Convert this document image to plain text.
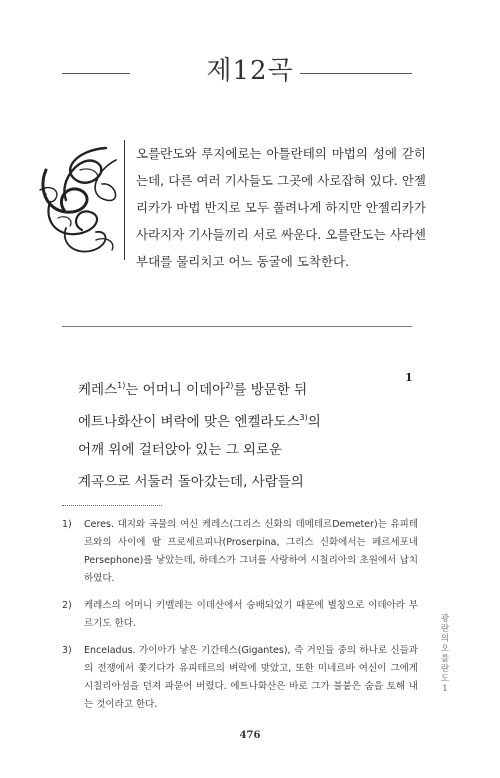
제12곡
오를란도와 루지에로는 아틀란테의 마법의 성에 갇히는데, 다른 여러 기사들도 그곳에 사로잡혀 있다. 안젤리카가 마법 반지로 모두 풀려나게 하지만 안젤리카가 사라지자 기사들끼리 서로 싸운다. 오를란도는 사라센 부대를 물리치고 어느 동굴에 도착한다.
1
케레스$^{1)}$는 어머니 이데아$^{2)}$를 방문한 뒤
에트나화산이 벼락에 맞은 엔켈라도스$^{3)}$의
어깨 위에 걸터앉아 있는 그 외로운
계곡으로 서둘러 돌아갔는데, 사람들의
1) Ceres. 대지와 곡물의 여신 케레스(그리스 신화의 데메테르Demeter)는 유피테르와의 사이에 딸 프로세르피나(Proserpina, 그리스 신화에서는 페르세포네Persephone)를 낳았는데, 하데스가 그녀를 사랑하여 시칠리아의 초원에서 납치하였다.
2) 케레스의 어머니 키벨레는 이데산에서 숭배되었기 때문에 별칭으로 이데아라 부르기도 한다.
3) Enceladus. 가이아가 낳은 기간테스(Gigantes), 즉 거인들 중의 하나로 신들과의 전쟁에서 쫓기다가 유피테르의 벼락에 맞았고, 또한 미네르바 여신이 그에게 시칠리아섬을 던져 파묻어 버렸다. 에트나화산은 바로 그가 불붙은 숨을 토해 내는 것이라고 한다.
광란의 오를란도 1
476
